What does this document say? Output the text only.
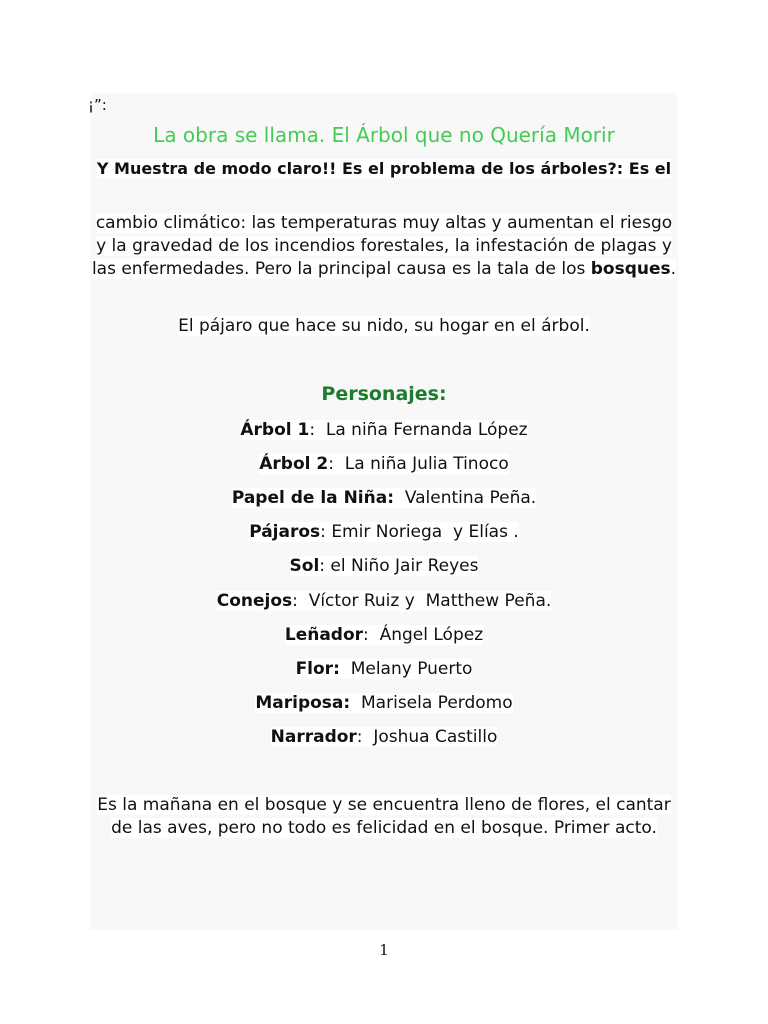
¡”:
La obra se llama. El Árbol que no Quería Morir

Y Muestra de modo claro!! Es el problema de los árboles?: Es el

cambio climático: las temperaturas muy altas y aumentan el riesgo y la gravedad de los incendios forestales, la infestación de plagas y las enfermedades. Pero la principal causa es la tala de los bosques.

El pájaro que hace su nido, su hogar en el árbol.

Personajes:

Árbol 1:  La niña Fernanda López

Árbol 2:  La niña Julia Tinoco

Papel de la Niña: Valentina Peña.

Pájaros: Emir Noriega  y Elías .

Sol: el Niño Jair Reyes

Conejos:  Víctor Ruiz y  Matthew Peña.

Leñador:  Ángel López

Flor: Melany Puerto

Mariposa: Marisela Perdomo

Narrador:  Joshua Castillo

Es la mañana en el bosque y se encuentra lleno de flores, el cantar de las aves, pero no todo es felicidad en el bosque. Primer acto.

1
